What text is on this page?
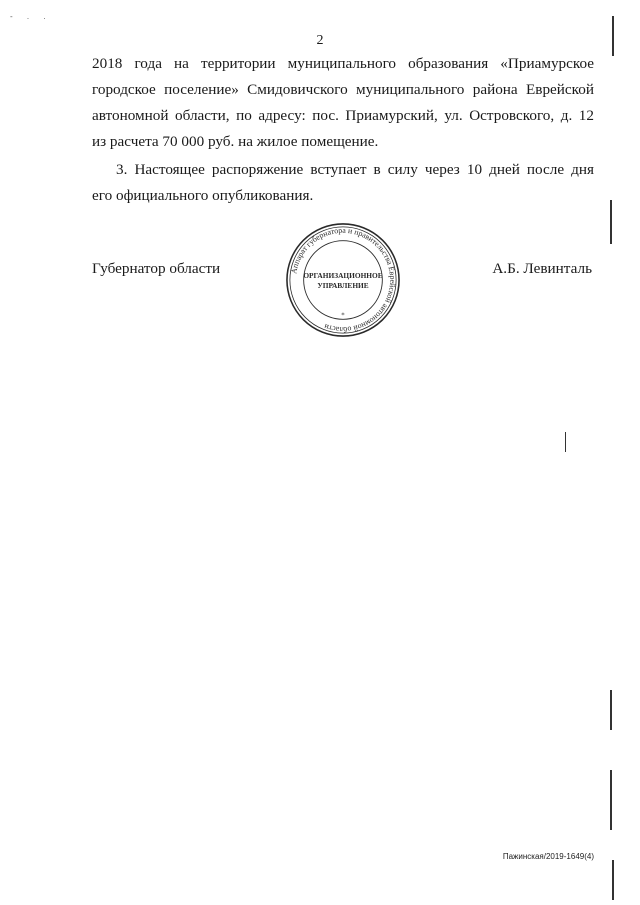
- . .
2
2018 года на территории муниципального образования «Приамурское
городское поселение» Смидовичского муниципального района Еврейской
автономной области, по адресу: пос. Приамурский, ул. Островского, д. 12
из расчета 70 000 руб. на жилое помещение.
3. Настоящее распоряжение вступает в силу через 10 дней после дня
его официального опубликования.
Губернатор области	А.Б. Левинталь
Аппарат губернатора и правительства Еврейской автономной области
ОРГАНИЗАЦИОННОЕ
УПРАВЛЕНИЕ
*
Пажинская/2019-1649(4)
